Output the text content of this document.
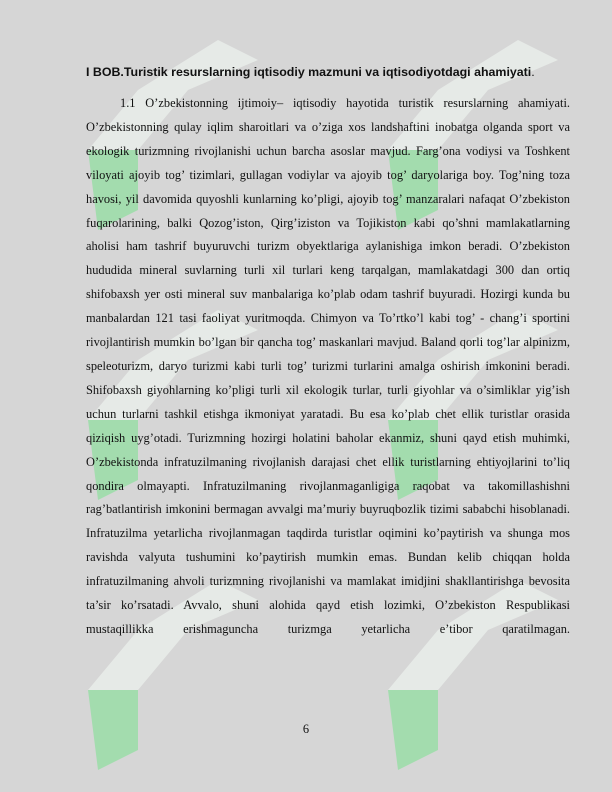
I BOB.Turistik resurslarning iqtisodiy mazmuni va iqtisodiyotdagi ahamiyati.

1.1 O’zbekistonning ijtimoiy– iqtisodiy hayotida turistik resurslarning ahamiyati. O’zbekistonning qulay iqlim sharoitlari va o’ziga xos landshaftini inobatga olganda sport va ekologik turizmning rivojlanishi uchun barcha asoslar mavjud. Farg’ona vodiysi va Toshkent viloyati ajoyib tog’ tizimlari, gullagan vodiylar va ajoyib tog’ daryolariga boy. Tog’ning toza havosi, yil davomida quyoshli kunlarning ko’pligi, ajoyib tog’ manzaralari nafaqat O’zbekiston fuqarolarining, balki Qozog’iston, Qirg’iziston va Tojikiston kabi qo’shni mamlakatlarning aholisi ham tashrif buyuruvchi turizm obyektlariga aylanishiga imkon beradi. O’zbekiston hududida mineral suvlarning turli xil turlari keng tarqalgan, mamlakatdagi 300 dan ortiq shifobaxsh yer osti mineral suv manbalariga ko’plab odam tashrif buyuradi. Hozirgi kunda bu manbalardan 121 tasi faoliyat yuritmoqda. Chimyon va To’rtko’l kabi tog’ - chang’i sportini rivojlantirish mumkin bo’lgan bir qancha tog’ maskanlari mavjud. Baland qorli tog’lar alpinizm, speleoturizm, daryo turizmi kabi turli tog’ turizmi turlarini amalga oshirish imkonini beradi. Shifobaxsh giyohlarning ko’pligi turli xil ekologik turlar, turli giyohlar va o’simliklar yig’ish uchun turlarni tashkil etishga ikmoniyat yaratadi. Bu esa ko’plab chet ellik turistlar orasida qiziqish uyg’otadi. Turizmning hozirgi holatini baholar ekanmiz, shuni qayd etish muhimki, O’zbekistonda infratuzilmaning rivojlanish darajasi chet ellik turistlarning ehtiyojlarini to’liq qondira olmayapti. Infratuzilmaning rivojlanmaganligiga raqobat va takomillashishni rag’batlantirish imkonini bermagan avvalgi ma’muriy buyruqbozlik tizimi sababchi hisoblanadi. Infratuzilma yetarlicha rivojlanmagan taqdirda turistlar oqimini ko’paytirish va shunga mos ravishda valyuta tushumini ko’paytirish mumkin emas. Bundan kelib chiqqan holda infratuzilmaning ahvoli turizmning rivojlanishi va mamlakat imidjini shakllantirishga bevosita ta’sir ko’rsatadi. Avvalo, shuni alohida qayd etish lozimki, O’zbekiston Respublikasi mustaqillikka erishmaguncha turizmga yetarlicha e’tibor qaratilmagan.

6
